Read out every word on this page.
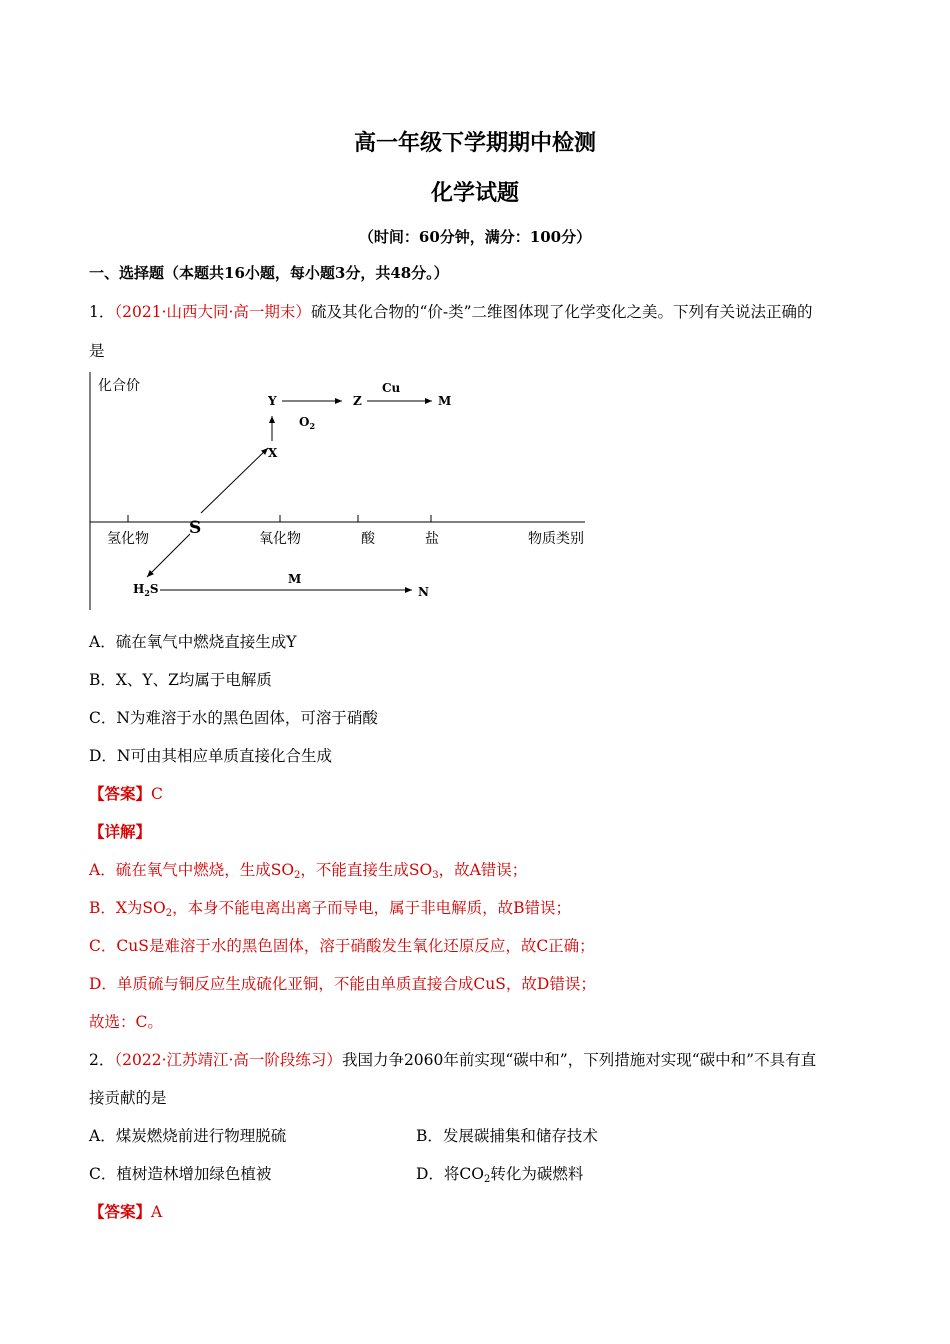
高一年级下学期期中检测
化学试题
（时间：60分钟，满分：100分）
一、选择题（本题共16小题，每小题3分，共48分。）
1．（2021·山西大同·高一期末）硫及其化合物的“价-类”二维图体现了化学变化之美。下列有关说法正确的
是
化合价
氢化物	氧化物	酸	盐	物质类别
S
X
Y	Z	M
$H_2S$	N
Cu
$O_2$
M
A．硫在氧气中燃烧直接生成Y
B．X、Y、Z均属于电解质
C．N为难溶于水的黑色固体，可溶于硝酸
D．N可由其相应单质直接化合生成
【答案】C
【详解】
A．硫在氧气中燃烧，生成$SO_2$，不能直接生成$SO_3$，故A错误；
B．X为$SO_2$，本身不能电离出离子而导电，属于非电解质，故B错误；
C．CuS是难溶于水的黑色固体，溶于硝酸发生氧化还原反应，故C正确；
D．单质硫与铜反应生成硫化亚铜，不能由单质直接合成CuS，故D错误；
故选：C。
2．（2022·江苏靖江·高一阶段练习）我国力争2060年前实现“碳中和”，下列措施对实现“碳中和”不具有直
接贡献的是
A．煤炭燃烧前进行物理脱硫	B．发展碳捕集和储存技术
C．植树造林增加绿色植被	D．将$CO_2$转化为碳燃料
【答案】A
